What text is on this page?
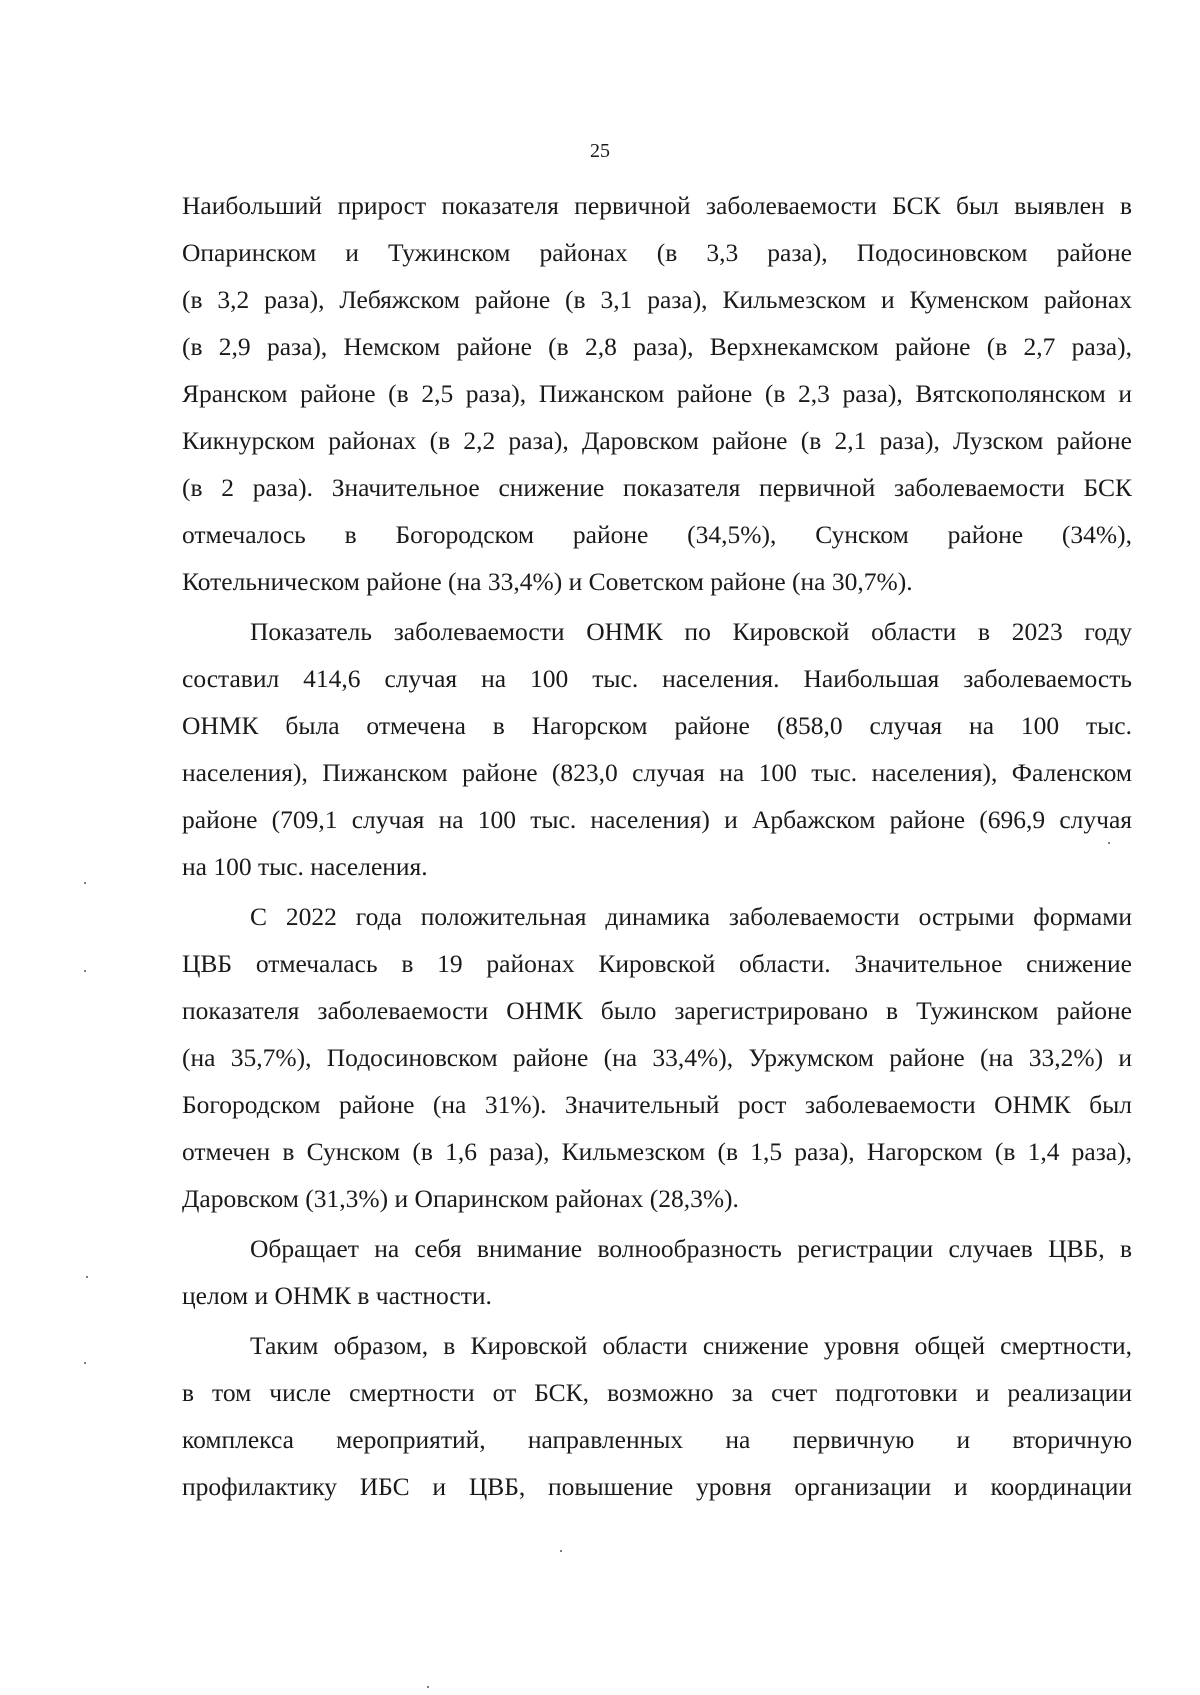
25
Наибольший прирост показателя первичной заболеваемости БСК был выявлен в
Опаринском и Тужинском районах (в 3,3 раза), Подосиновском районе
(в 3,2 раза), Лебяжском районе (в 3,1 раза), Кильмезском и Куменском районах
(в 2,9 раза), Немском районе (в 2,8 раза), Верхнекамском районе (в 2,7 раза),
Яранском районе (в 2,5 раза), Пижанском районе (в 2,3 раза), Вятскополянском и
Кикнурском районах (в 2,2 раза), Даровском районе (в 2,1 раза), Лузском районе
(в 2 раза). Значительное снижение показателя первичной заболеваемости БСК
отмечалось в Богородском районе (34,5%), Сунском районе (34%),
Котельническом районе (на 33,4%) и Советском районе (на 30,7%).
Показатель заболеваемости ОНМК по Кировской области в 2023 году
составил 414,6 случая на 100 тыс. населения. Наибольшая заболеваемость
ОНМК была отмечена в Нагорском районе (858,0 случая на 100 тыс.
населения), Пижанском районе (823,0 случая на 100 тыс. населения), Фаленском
районе (709,1 случая на 100 тыс. населения) и Арбажском районе (696,9 случая
на 100 тыс. населения.
С 2022 года положительная динамика заболеваемости острыми формами
ЦВБ отмечалась в 19 районах Кировской области. Значительное снижение
показателя заболеваемости ОНМК было зарегистрировано в Тужинском районе
(на 35,7%), Подосиновском районе (на 33,4%), Уржумском районе (на 33,2%) и
Богородском районе (на 31%). Значительный рост заболеваемости ОНМК был
отмечен в Сунском (в 1,6 раза), Кильмезском (в 1,5 раза), Нагорском (в 1,4 раза),
Даровском (31,3%) и Опаринском районах (28,3%).
Обращает на себя внимание волнообразность регистрации случаев ЦВБ, в
целом и ОНМК в частности.
Таким образом, в Кировской области снижение уровня общей смертности,
в том числе смертности от БСК, возможно за счет подготовки и реализации
комплекса мероприятий, направленных на первичную и вторичную
профилактику ИБС и ЦВБ, повышение уровня организации и координации
